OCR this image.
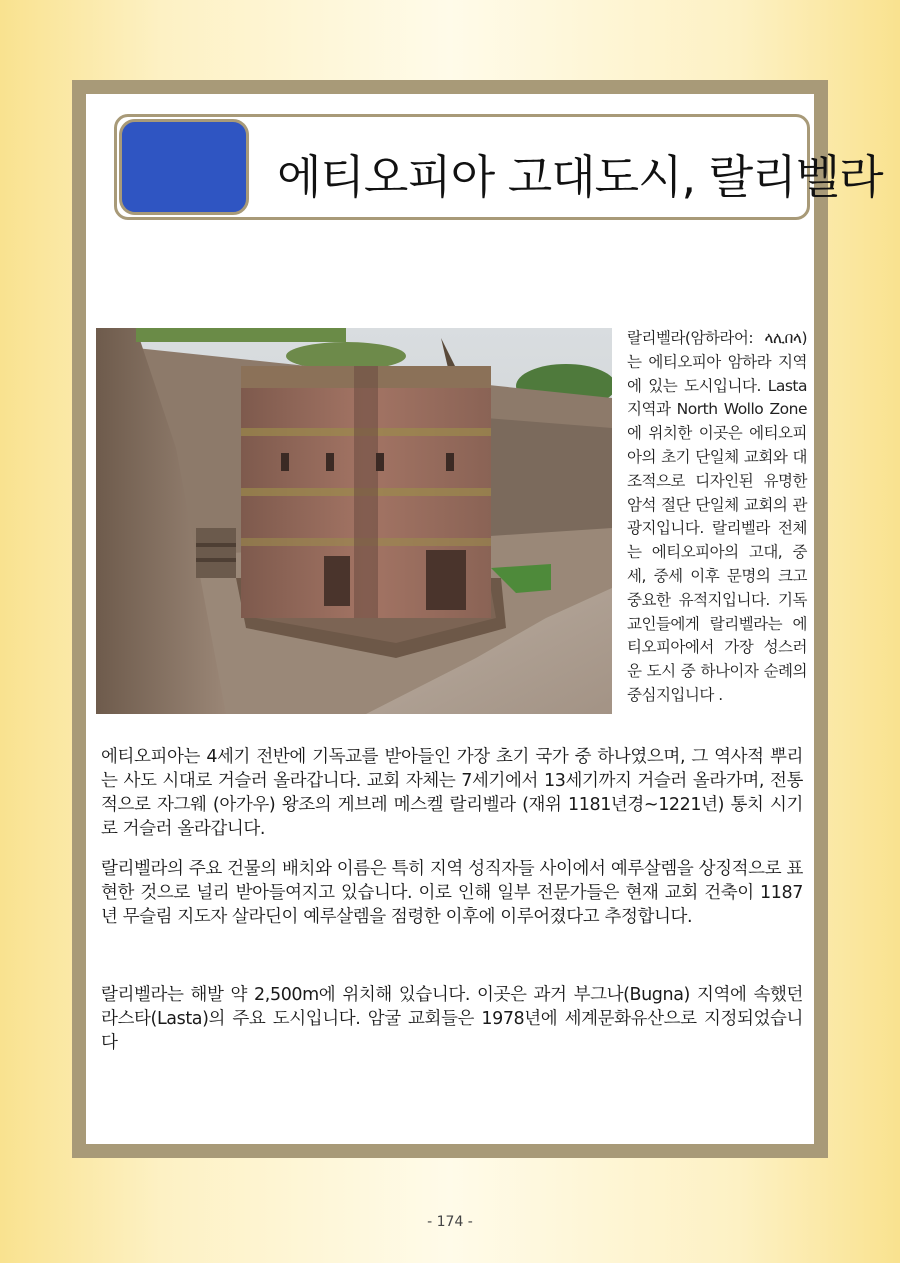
에티오피아 고대도시, 랄리벨라
랄리벨라(암하라어: ላሊበላ)는 에티오피아 암하라 지역에 있는 도시입니다. Lasta 지역과 North Wollo Zone에 위치한 이곳은 에티오피아의 초기 단일체 교회와 대조적으로 디자인된 유명한 암석 절단 단일체 교회의 관광지입니다. 랄리벨라 전체는 에티오피아의 고대, 중세, 중세 이후 문명의 크고 중요한 유적지입니다. 기독교인들에게 랄리벨라는 에티오피아에서 가장 성스러운 도시 중 하나이자 순례의 중심지입니다 .

에티오피아는 4세기 전반에 기독교를 받아들인 가장 초기 국가 중 하나였으며, 그 역사적 뿌리는 사도 시대로 거슬러 올라갑니다. 교회 자체는 7세기에서 13세기까지 거슬러 올라가며, 전통적으로 자그웨 (아가우) 왕조의 게브레 메스켈 랄리벨라 (재위 1181년경~1221년) 통치 시기로 거슬러 올라갑니다.

랄리벨라의 주요 건물의 배치와 이름은 특히 지역 성직자들 사이에서 예루살렘을 상징적으로 표현한 것으로 널리 받아들여지고 있습니다. 이로 인해 일부 전문가들은 현재 교회 건축이 1187년 무슬림 지도자 살라딘이 예루살렘을 점령한 이후에 이루어졌다고 추정합니다.

랄리벨라는 해발 약 2,500m에 위치해 있습니다. 이곳은 과거 부그나(Bugna) 지역에 속했던 라스타(Lasta)의 주요 도시입니다. 암굴 교회들은 1978년에 세계문화유산으로 지정되었습니다

- 174 -
